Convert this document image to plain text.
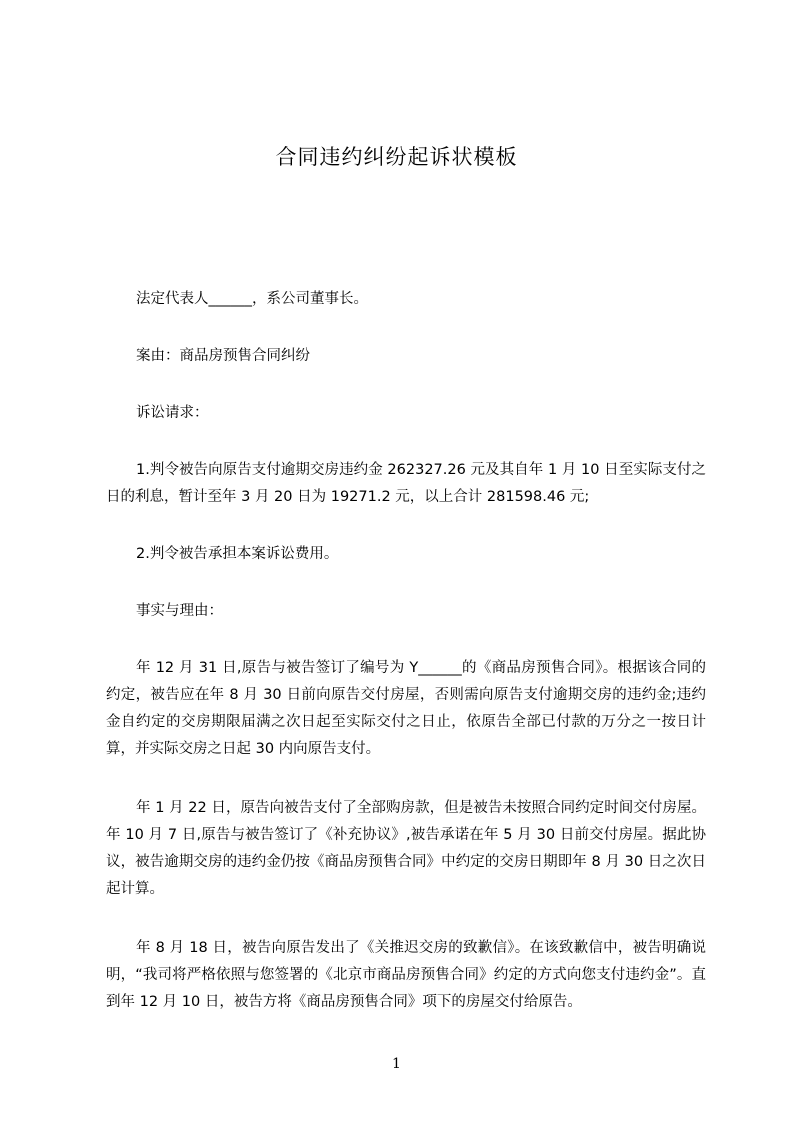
合同违约纠纷起诉状模板

法定代表人______，系公司董事长。

案由：商品房预售合同纠纷

诉讼请求：

1.判令被告向原告支付逾期交房违约金 262327.26 元及其自年 1 月 10 日至实际支付之日的利息，暂计至年 3 月 20 日为 19271.2 元，以上合计 281598.46 元;

2.判令被告承担本案诉讼费用。

事实与理由：

年 12 月 31 日,原告与被告签订了编号为 Y______的《商品房预售合同》。根据该合同的约定，被告应在年 8 月 30 日前向原告交付房屋，否则需向原告支付逾期交房的违约金;违约金自约定的交房期限届满之次日起至实际交付之日止，依原告全部已付款的万分之一按日计算，并实际交房之日起 30 内向原告支付。

年 1 月 22 日，原告向被告支付了全部购房款，但是被告未按照合同约定时间交付房屋。年 10 月 7 日,原告与被告签订了《补充协议》,被告承诺在年 5 月 30 日前交付房屋。据此协议，被告逾期交房的违约金仍按《商品房预售合同》中约定的交房日期即年 8 月 30 日之次日起计算。

年 8 月 18 日，被告向原告发出了《关推迟交房的致歉信》。在该致歉信中，被告明确说明，“我司将严格依照与您签署的《北京市商品房预售合同》约定的方式向您支付违约金”。直到年 12 月 10 日，被告方将《商品房预售合同》项下的房屋交付给原告。

1
